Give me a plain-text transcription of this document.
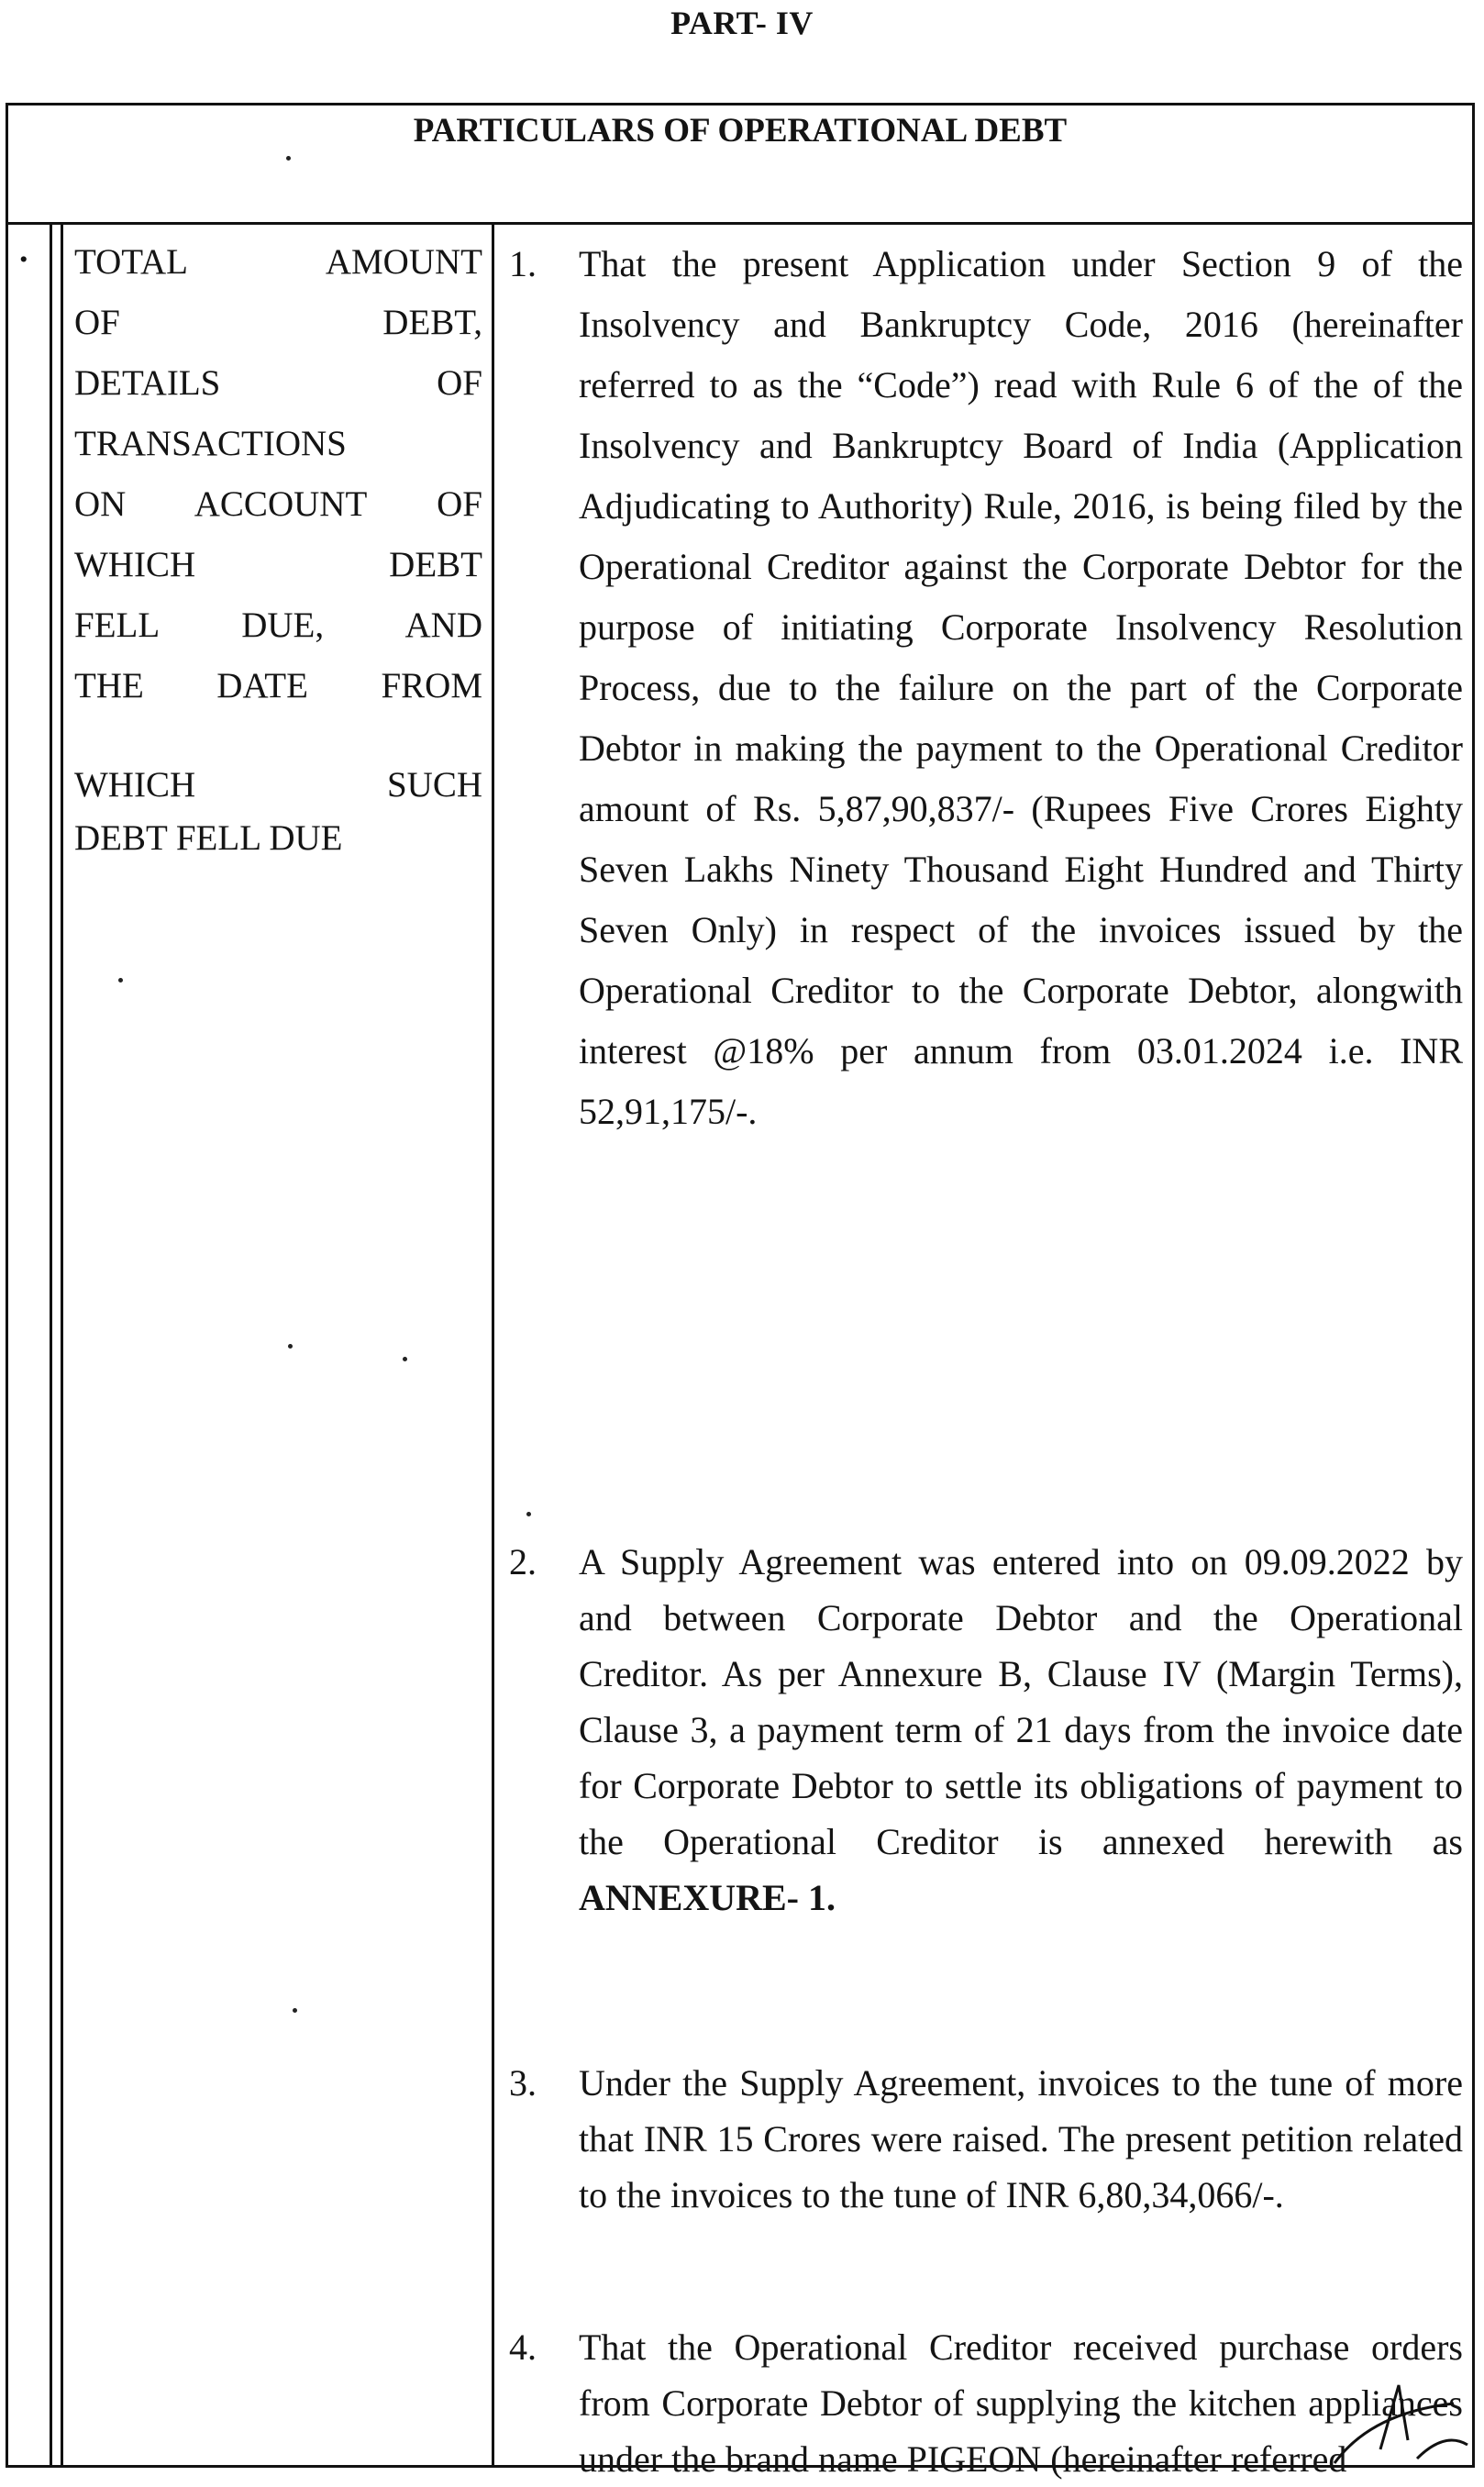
PART- IV
PARTICULARS OF OPERATIONAL DEBT
.	TOTAL AMOUNT
OF DEBT,
DETAILS OF
TRANSACTIONS
ON ACCOUNT OF
WHICH DEBT
FELL DUE, AND
THE DATE FROM
WHICH SUCH
DEBT FELL DUE
1.	That the present Application under Section 9 of the Insolvency and Bankruptcy Code, 2016 (hereinafter referred to as the “Code”) read with Rule 6 of the of the Insolvency and Bankruptcy Board of India (Application Adjudicating to Authority) Rule, 2016, is being filed by the Operational Creditor against the Corporate Debtor for the purpose of initiating Corporate Insolvency Resolution Process, due to the failure on the part of the Corporate Debtor in making the payment to the Operational Creditor amount of Rs. 5,87,90,837/- (Rupees Five Crores Eighty Seven Lakhs Ninety Thousand Eight Hundred and Thirty Seven Only) in respect of the invoices issued by the Operational Creditor to the Corporate Debtor, alongwith interest @18% per annum from 03.01.2024 i.e. INR 52,91,175/-.
2.	A Supply Agreement was entered into on 09.09.2022 by and between Corporate Debtor and the Operational Creditor. As per Annexure B, Clause IV (Margin Terms), Clause 3, a payment term of 21 days from the invoice date for Corporate Debtor to settle its obligations of payment to the Operational Creditor is annexed herewith as ANNEXURE- 1.
3.	Under the Supply Agreement, invoices to the tune of more that INR 15 Crores were raised. The present petition related to the invoices to the tune of INR 6,80,34,066/-.
4.	That the Operational Creditor received purchase orders from Corporate Debtor of supplying the kitchen appliances under the brand name PIGEON (hereinafter referred
